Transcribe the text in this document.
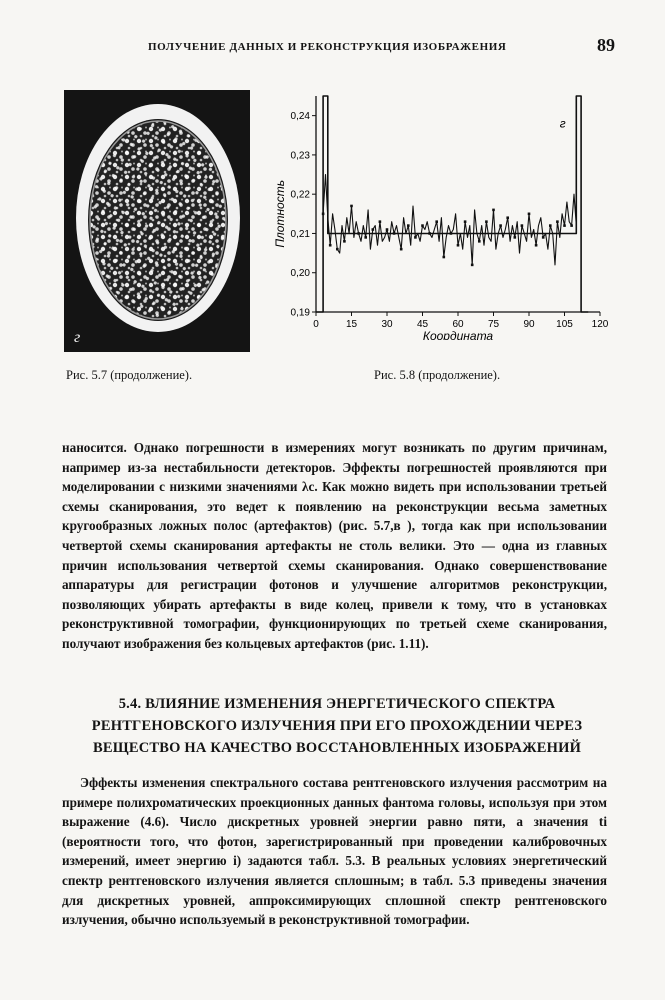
ПОЛУЧЕНИЕ ДАННЫХ И РЕКОНСТРУКЦИЯ ИЗОБРАЖЕНИЯ	89
г
0	15 30 45 60 75 90 105 120
0,19
0,20
0,21
0,22
0,23
0,24	г
Координата
Плотность
Рис. 5.7 (продолжение).	Рис. 5.8 (продолжение).

наносится. Однако погрешности в измерениях могут возникать по другим причинам, например из-за нестабильности детекторов. Эффекты погрешностей проявляются при моделировании с низкими значениями λc. Как можно видеть при использовании третьей схемы сканирования, это ведет к появлению на реконструкции весьма заметных кругообразных ложных полос (артефактов) (рис. 5.7,в ), тогда как при использовании четвертой схемы сканирования артефакты не столь велики. Это — одна из главных причин использования четвертой схемы сканирования. Однако совершенствование аппаратуры для регистрации фотонов и улучшение алгоритмов реконструкции, позволяющих убирать артефакты в виде колец, привели к тому, что в установках реконструктивной томографии, функционирующих по третьей схеме сканирования, получают изображения без кольцевых артефактов (рис. 1.11).

5.4. ВЛИЯНИЕ ИЗМЕНЕНИЯ ЭНЕРГЕТИЧЕСКОГО СПЕКТРА РЕНТГЕНОВСКОГО ИЗЛУЧЕНИЯ ПРИ ЕГО ПРОХОЖДЕНИИ ЧЕРЕЗ ВЕЩЕСТВО НА КАЧЕСТВО ВОССТАНОВЛЕННЫХ ИЗОБРАЖЕНИЙ

Эффекты изменения спектрального состава рентгеновского излучения рассмотрим на примере полихроматических проекционных данных фантома головы, используя при этом выражение (4.6). Число дискретных уровней энергии равно пяти, а значения ti (вероятности того, что фотон, зарегистрированный при проведении калибровочных измерений, имеет энергию i) задаются табл. 5.3. В реальных условиях энергетический спектр рентгеновского излучения является сплошным; в табл. 5.3 приведены значения для дискретных уровней, аппроксимирующих сплошной спектр рентгеновского излучения, обычно используемый в реконструктивной томографии.
